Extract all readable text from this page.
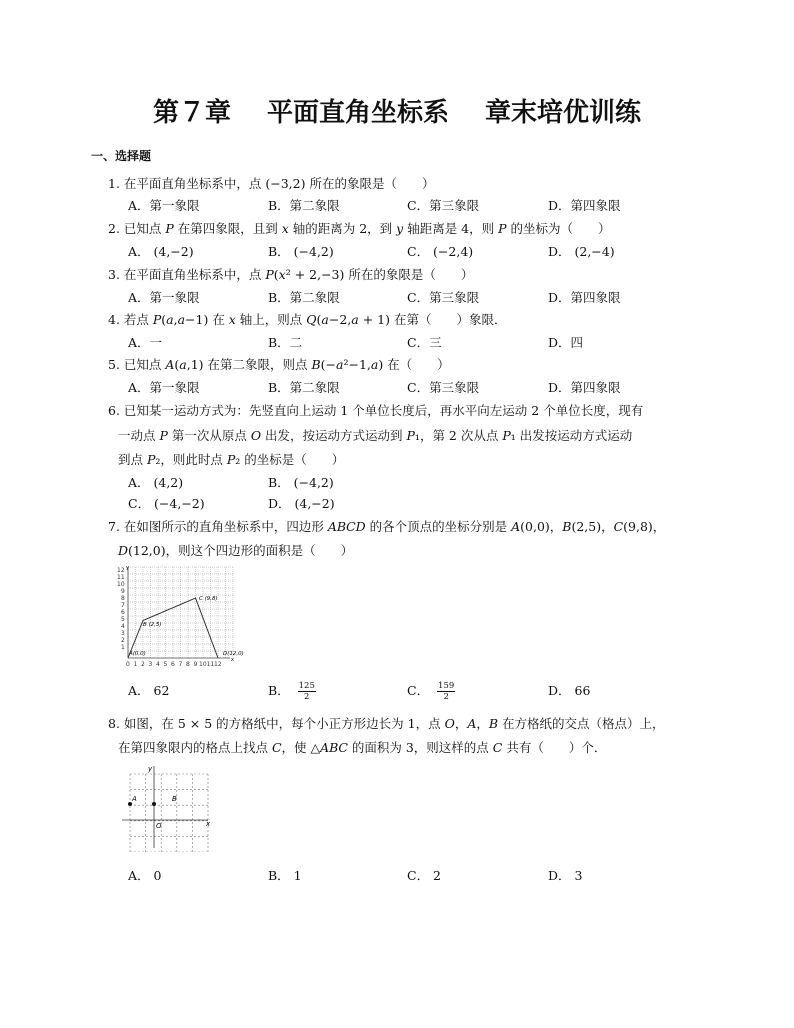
第７章 平面直角坐标系 章末培优训练
一、选择题
1. 在平面直角坐标系中，点 (−3,2) 所在的象限是（　　）
A．第一象限	B．第二象限	C．第三象限	D．第四象限
2. 已知点 𝑃 在第四象限，且到 𝑥 轴的距离为 2，到 𝑦 轴距离是 4，则 𝑃 的坐标为（　　）
A． (4,−2)	B． (−4,2)	C． (−2,4)	D． (2,−4)
3. 在平面直角坐标系中，点 𝑃(𝑥² + 2,−3) 所在的象限是（　　）
A．第一象限	B．第二象限	C．第三象限	D．第四象限
4. 若点 𝑃(𝑎,𝑎−1) 在 𝑥 轴上，则点 𝑄(𝑎−2,𝑎 + 1) 在第（　　）象限．
A．一	B．二	C．三	D．四
5. 已知点 𝐴(𝑎,1) 在第二象限，则点 𝐵(−𝑎²−1,𝑎) 在（　　）
A．第一象限	B．第二象限	C．第三象限	D．第四象限
6. 已知某一运动方式为：先竖直向上运动 1 个单位长度后，再水平向左运动 2 个单位长度，现有
一动点 𝑃 第一次从原点 𝑂 出发，按运动方式运动到 𝑃₁，第 2 次从点 𝑃₁ 出发按运动方式运动
到点 𝑃₂，则此时点 𝑃₂ 的坐标是（　　）
A． (4,2)	B． (−4,2)
C． (−4,−2)	D． (4,−2)
7. 在如图所示的直角坐标系中，四边形 𝐴𝐵𝐶𝐷 的各个顶点的坐标分别是 𝐴(0,0)，𝐵(2,5)，𝐶(9,8)，
𝐷(12,0)，则这个四边形的面积是（　　）
y
x
12
11
10
9
8
7
6
5
4
3
2
1
0 1 2 3 4 5 6 7 8 9 10 11 12
A(0,0)
B (2,5)
C (9,8)
D(12,0)
A． 62	B． $\frac{125}{2}$	C． $\frac{159}{2}$	D． 66
8. 如图，在 5 × 5 的方格纸中，每个小正方形边长为 1，点 𝑂，𝐴，𝐵 在方格纸的交点（格点）上，
在第四象限内的格点上找点 𝐶，使 △𝐴𝐵𝐶 的面积为 3，则这样的点 𝐶 共有（　　）个．
y
x
A	B
O
A． 0	B． 1	C． 2	D． 3
